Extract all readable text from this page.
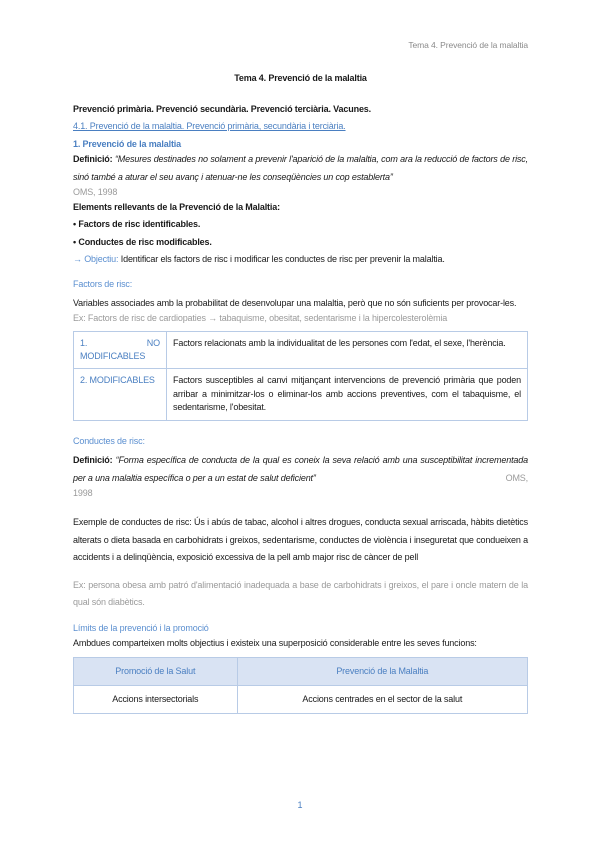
Tema 4. Prevenció de la malaltia
Tema 4. Prevenció de la malaltia
Prevenció primària. Prevenció secundària. Prevenció terciària. Vacunes.
4.1. Prevenció de la malaltia. Prevenció primària, secundària i terciària.
1. Prevenció de la malaltia

Definició: “Mesures destinades no solament a prevenir l'aparició de la malaltia, com ara la reducció de factors de risc, sinó també a aturar el seu avanç i atenuar-ne les conseqüències un cop establerta”

OMS, 1998
Elements rellevants de la Prevenció de la Malaltia:
• Factors de risc identificables.
• Conductes de risc modificables.
→ Objectiu: Identificar els factors de risc i modificar les conductes de risc per prevenir la malaltia.
Factors de risc:

Variables associades amb la probabilitat de desenvolupar una malaltia, però que no són suficients per provocar-les.

Ex: Factors de risc de cardiopaties → tabaquisme, obesitat, sedentarisme i la hipercolesterolèmia
1. NO
MODIFICABLES	Factors relacionats amb la individualitat de les persones com l'edat, el sexe, l'herència.
2. MODIFICABLES	Factors susceptibles al canvi mitjançant intervencions de prevenció primària que poden arribar a minimitzar-los o eliminar-los amb accions preventives, com el tabaquisme, el sedentarisme, l'obesitat.
Conductes de risc:

Definició: “Forma específica de conducta de la qual es coneix la seva relació amb una susceptibilitat incrementada per a una malaltia específica o per a un estat de salut deficient”	OMS,

1998

Exemple de conductes de risc: Ús i abús de tabac, alcohol i altres drogues, conducta sexual arriscada, hàbits dietètics alterats o dieta basada en carbohidrats i greixos, sedentarisme, conductes de violència i inseguretat que condueixen a accidents i a delinqüència, exposició excessiva de la pell amb major risc de càncer de pell

Ex: persona obesa amb patró d'alimentació inadequada a base de carbohidrats i greixos, el pare i oncle matern de la qual són diabètics.

Límits de la prevenció i la promoció
Ambdues comparteixen molts objectius i existeix una superposició considerable entre les seves funcions:
Promoció de la Salut	Prevenció de la Malaltia
Accions intersectorials	Accions centrades en el sector de la salut
1
